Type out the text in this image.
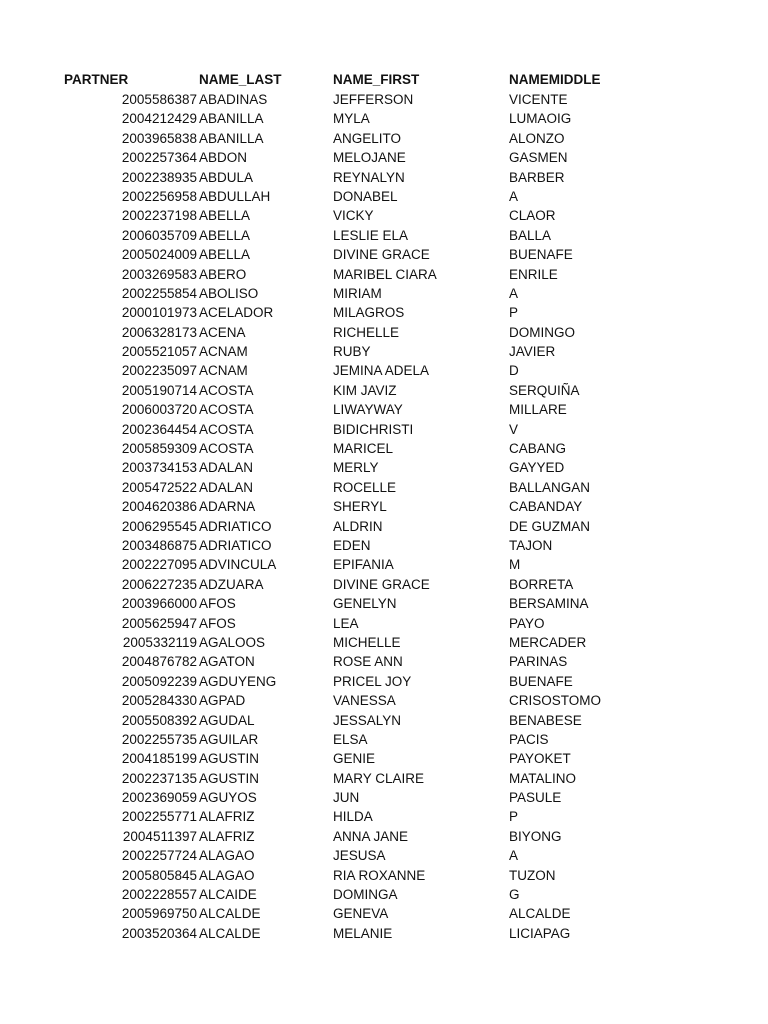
PARTNER	NAME_LAST	NAME_FIRST	NAMEMIDDLE
2005586387 ABADINAS	JEFFERSON	VICENTE
2004212429 ABANILLA	MYLA	LUMAOIG
2003965838 ABANILLA	ANGELITO	ALONZO
2002257364 ABDON	MELOJANE	GASMEN
2002238935 ABDULA	REYNALYN	BARBER
2002256958 ABDULLAH	DONABEL	A
2002237198 ABELLA	VICKY	CLAOR
2006035709 ABELLA	LESLIE ELA	BALLA
2005024009 ABELLA	DIVINE GRACE	BUENAFE
2003269583 ABERO	MARIBEL CIARA	ENRILE
2002255854 ABOLISO	MIRIAM	A
2000101973 ACELADOR	MILAGROS	P
2006328173 ACENA	RICHELLE	DOMINGO
2005521057 ACNAM	RUBY	JAVIER
2002235097 ACNAM	JEMINA ADELA	D
2005190714 ACOSTA	KIM JAVIZ	SERQUIÑA
2006003720 ACOSTA	LIWAYWAY	MILLARE
2002364454 ACOSTA	BIDICHRISTI	V
2005859309 ACOSTA	MARICEL	CABANG
2003734153 ADALAN	MERLY	GAYYED
2005472522 ADALAN	ROCELLE	BALLANGAN
2004620386 ADARNA	SHERYL	CABANDAY
2006295545 ADRIATICO	ALDRIN	DE GUZMAN
2003486875 ADRIATICO	EDEN	TAJON
2002227095 ADVINCULA	EPIFANIA	M
2006227235 ADZUARA	DIVINE GRACE	BORRETA
2003966000 AFOS	GENELYN	BERSAMINA
2005625947 AFOS	LEA	PAYO
2005332119 AGALOOS	MICHELLE	MERCADER
2004876782 AGATON	ROSE ANN	PARINAS
2005092239 AGDUYENG	PRICEL JOY	BUENAFE
2005284330 AGPAD	VANESSA	CRISOSTOMO
2005508392 AGUDAL	JESSALYN	BENABESE
2002255735 AGUILAR	ELSA	PACIS
2004185199 AGUSTIN	GENIE	PAYOKET
2002237135 AGUSTIN	MARY CLAIRE	MATALINO
2002369059 AGUYOS	JUN	PASULE
2002255771 ALAFRIZ	HILDA	P
2004511397 ALAFRIZ	ANNA JANE	BIYONG
2002257724 ALAGAO	JESUSA	A
2005805845 ALAGAO	RIA ROXANNE	TUZON
2002228557 ALCAIDE	DOMINGA	G
2005969750 ALCALDE	GENEVA	ALCALDE
2003520364 ALCALDE	MELANIE	LICIAPAG
